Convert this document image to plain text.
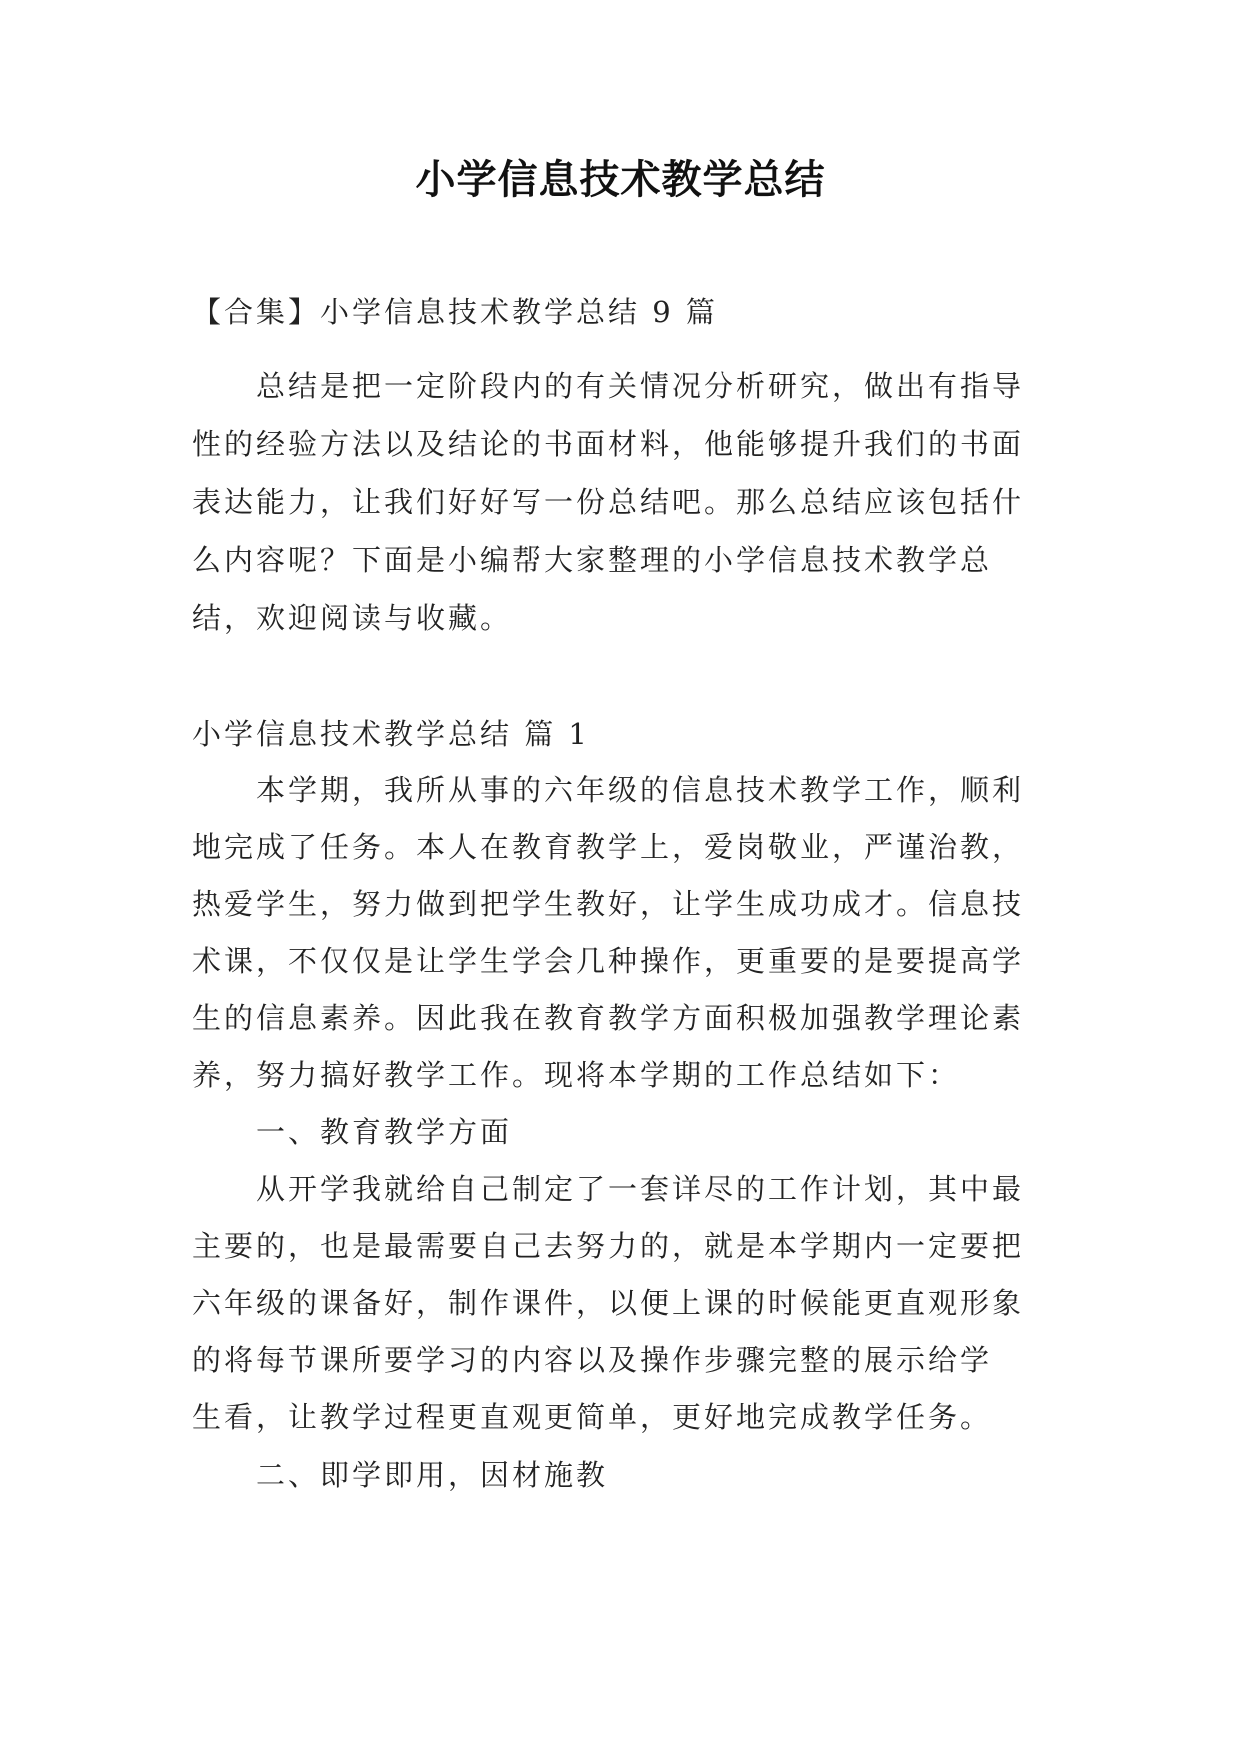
小学信息技术教学总结
【合集】小学信息技术教学总结 9 篇
总结是把一定阶段内的有关情况分析研究，做出有指导
性的经验方法以及结论的书面材料，他能够提升我们的书面
表达能力，让我们好好写一份总结吧。那么总结应该包括什
么内容呢？下面是小编帮大家整理的小学信息技术教学总
结，欢迎阅读与收藏。
小学信息技术教学总结 篇 1
本学期，我所从事的六年级的信息技术教学工作，顺利
地完成了任务。本人在教育教学上，爱岗敬业，严谨治教，
热爱学生，努力做到把学生教好，让学生成功成才。信息技
术课，不仅仅是让学生学会几种操作，更重要的是要提高学
生的信息素养。因此我在教育教学方面积极加强教学理论素
养，努力搞好教学工作。现将本学期的工作总结如下：
一、教育教学方面
从开学我就给自己制定了一套详尽的工作计划，其中最
主要的，也是最需要自己去努力的，就是本学期内一定要把
六年级的课备好，制作课件，以便上课的时候能更直观形象
的将每节课所要学习的内容以及操作步骤完整的展示给学
生看，让教学过程更直观更简单，更好地完成教学任务。
二、即学即用，因材施教
